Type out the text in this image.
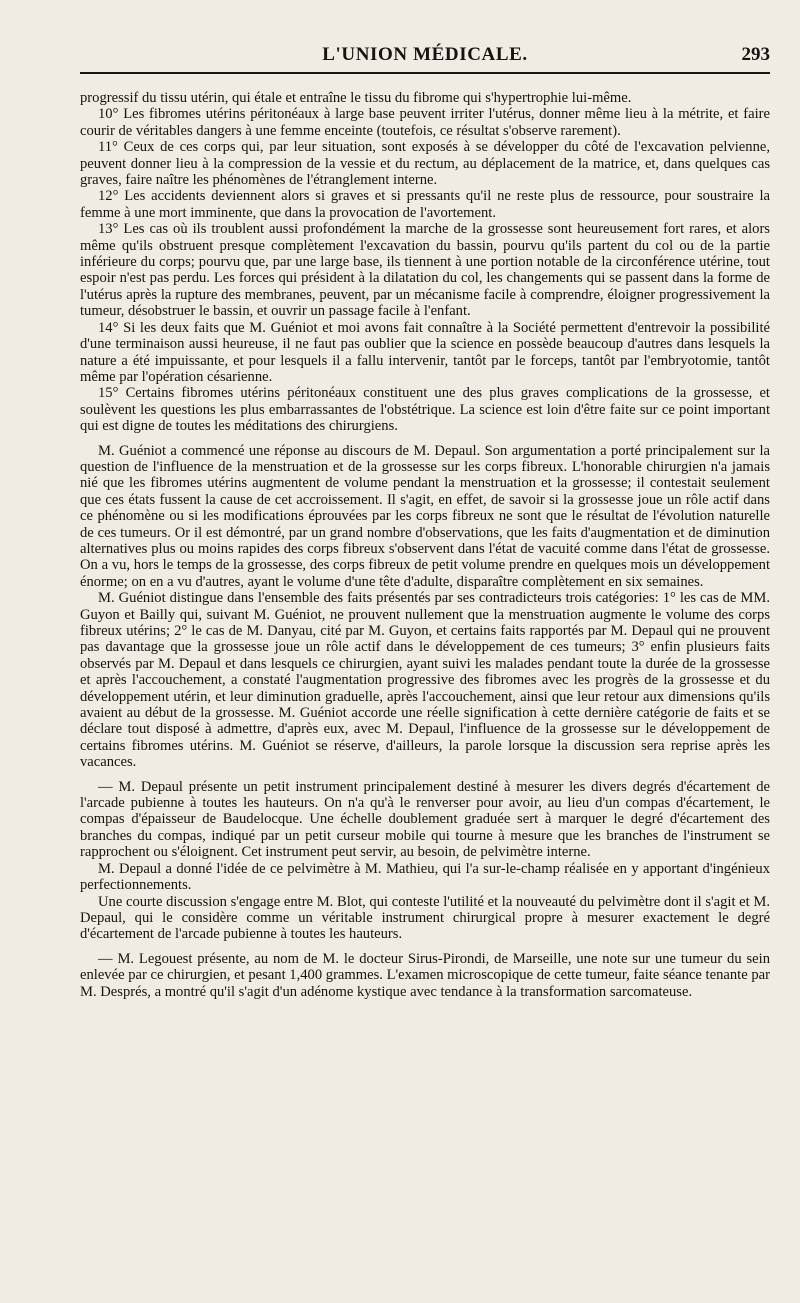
L'UNION MÉDICALE.	293

progressif du tissu utérin, qui étale et entraîne le tissu du fibrome qui s'hypertrophie lui-même.

10° Les fibromes utérins péritonéaux à large base peuvent irriter l'utérus, donner même lieu à la métrite, et faire courir de véritables dangers à une femme enceinte (toutefois, ce résultat s'observe rarement).

11° Ceux de ces corps qui, par leur situation, sont exposés à se développer du côté de l'excavation pelvienne, peuvent donner lieu à la compression de la vessie et du rectum, au déplacement de la matrice, et, dans quelques cas graves, faire naître les phénomènes de l'étranglement interne.

12° Les accidents deviennent alors si graves et si pressants qu'il ne reste plus de ressource, pour soustraire la femme à une mort imminente, que dans la provocation de l'avortement.

13° Les cas où ils troublent aussi profondément la marche de la grossesse sont heureusement fort rares, et alors même qu'ils obstruent presque complètement l'excavation du bassin, pourvu qu'ils partent du col ou de la partie inférieure du corps; pourvu que, par une large base, ils tiennent à une portion notable de la circonférence utérine, tout espoir n'est pas perdu. Les forces qui président à la dilatation du col, les changements qui se passent dans la forme de l'utérus après la rupture des membranes, peuvent, par un mécanisme facile à comprendre, éloigner progressivement la tumeur, désobstruer le bassin, et ouvrir un passage facile à l'enfant.

14° Si les deux faits que M. Guéniot et moi avons fait connaître à la Société permettent d'entrevoir la possibilité d'une terminaison aussi heureuse, il ne faut pas oublier que la science en possède beaucoup d'autres dans lesquels la nature a été impuissante, et pour lesquels il a fallu intervenir, tantôt par le forceps, tantôt par l'embryotomie, tantôt même par l'opération césarienne.

15° Certains fibromes utérins péritonéaux constituent une des plus graves complications de la grossesse, et soulèvent les questions les plus embarrassantes de l'obstétrique. La science est loin d'être faite sur ce point important qui est digne de toutes les méditations des chirurgiens.

M. Guéniot a commencé une réponse au discours de M. Depaul. Son argumentation a porté principalement sur la question de l'influence de la menstruation et de la grossesse sur les corps fibreux. L'honorable chirurgien n'a jamais nié que les fibromes utérins augmentent de volume pendant la menstruation et la grossesse; il contestait seulement que ces états fussent la cause de cet accroissement. Il s'agit, en effet, de savoir si la grossesse joue un rôle actif dans ce phénomène ou si les modifications éprouvées par les corps fibreux ne sont que le résultat de l'évolution naturelle de ces tumeurs. Or il est démontré, par un grand nombre d'observations, que les faits d'augmentation et de diminution alternatives plus ou moins rapides des corps fibreux s'observent dans l'état de vacuité comme dans l'état de grossesse. On a vu, hors le temps de la grossesse, des corps fibreux de petit volume prendre en quelques mois un développement énorme; on en a vu d'autres, ayant le volume d'une tête d'adulte, disparaître complètement en six semaines.

M. Guéniot distingue dans l'ensemble des faits présentés par ses contradicteurs trois catégories: 1° les cas de MM. Guyon et Bailly qui, suivant M. Guéniot, ne prouvent nullement que la menstruation augmente le volume des corps fibreux utérins; 2° le cas de M. Danyau, cité par M. Guyon, et certains faits rapportés par M. Depaul qui ne prouvent pas davantage que la grossesse joue un rôle actif dans le développement de ces tumeurs; 3° enfin plusieurs faits observés par M. Depaul et dans lesquels ce chirurgien, ayant suivi les malades pendant toute la durée de la grossesse et après l'accouchement, a constaté l'augmentation progressive des fibromes avec les progrès de la grossesse et du développement utérin, et leur diminution graduelle, après l'accouchement, ainsi que leur retour aux dimensions qu'ils avaient au début de la grossesse. M. Guéniot accorde une réelle signification à cette dernière catégorie de faits et se déclare tout disposé à admettre, d'après eux, avec M. Depaul, l'influence de la grossesse sur le développement de certains fibromes utérins. M. Guéniot se réserve, d'ailleurs, la parole lorsque la discussion sera reprise après les vacances.

— M. Depaul présente un petit instrument principalement destiné à mesurer les divers degrés d'écartement de l'arcade pubienne à toutes les hauteurs. On n'a qu'à le renverser pour avoir, au lieu d'un compas d'écartement, le compas d'épaisseur de Baudelocque. Une échelle doublement graduée sert à marquer le degré d'écartement des branches du compas, indiqué par un petit curseur mobile qui tourne à mesure que les branches de l'instrument se rapprochent ou s'éloignent. Cet instrument peut servir, au besoin, de pelvimètre interne.

M. Depaul a donné l'idée de ce pelvimètre à M. Mathieu, qui l'a sur-le-champ réalisée en y apportant d'ingénieux perfectionnements.

Une courte discussion s'engage entre M. Blot, qui conteste l'utilité et la nouveauté du pelvimètre dont il s'agit et M. Depaul, qui le considère comme un véritable instrument chirurgical propre à mesurer exactement le degré d'écartement de l'arcade pubienne à toutes les hauteurs.

— M. Legouest présente, au nom de M. le docteur Sirus-Pirondi, de Marseille, une note sur une tumeur du sein enlevée par ce chirurgien, et pesant 1,400 grammes. L'examen microscopique de cette tumeur, faite séance tenante par M. Després, a montré qu'il s'agit d'un adénome kystique avec tendance à la transformation sarcomateuse.
